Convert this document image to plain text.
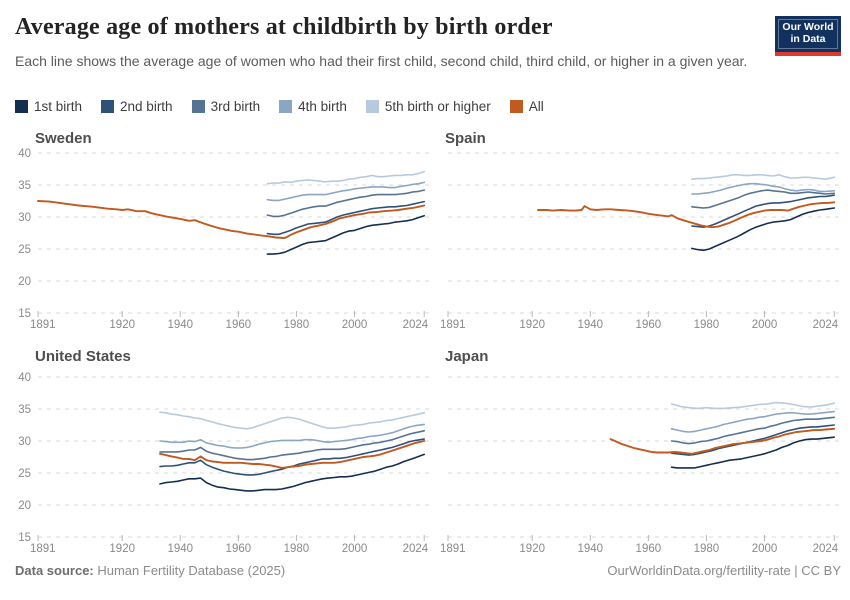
Average age of mothers at childbirth by birth order	Our World
in Data

Each line shows the average age of women who had their first child, second child, third child, or higher in a given year.

1st birth	2nd birth	3rd birth	4th birth	5th birth or higher	All
Sweden	Spain
United States	Japan
15
20
25
30
35
40
1891	1920	1940	1960	1980	2000	2024 1891	1920	1940	1960	1980	2000	2024
15
20
25
30
35
40
1891	1920	1940	1960	1980	2000	2024 1891	1920	1940	1960	1980	2000	2024
Data source: Human Fertility Database (2025)	OurWorldinData.org/fertility-rate | CC BY
